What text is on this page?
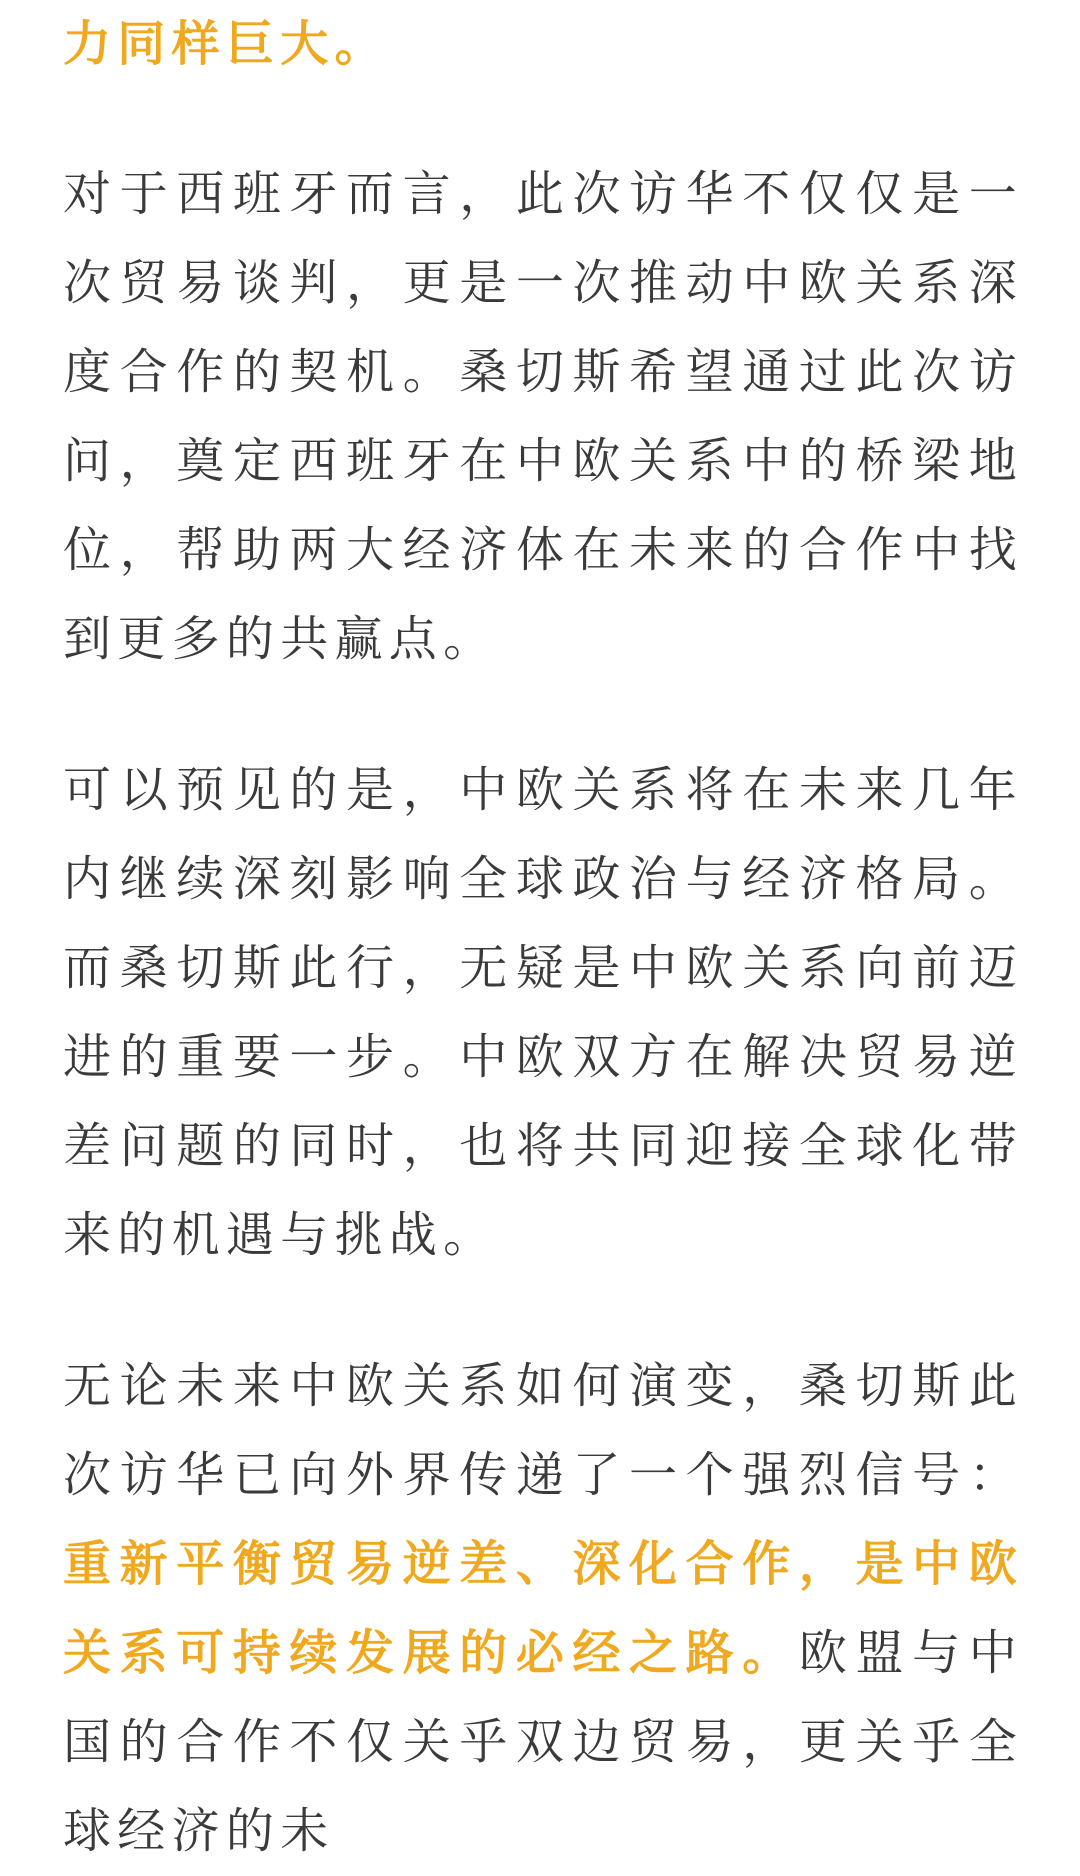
力同样巨大。

对于西班牙而言，此次访华不仅仅是一次贸易谈判，更是一次推动中欧关系深度合作的契机。桑切斯希望通过此次访问，奠定西班牙在中欧关系中的桥梁地位，帮助两大经济体在未来的合作中找到更多的共赢点。

可以预见的是，中欧关系将在未来几年内继续深刻影响全球政治与经济格局。而桑切斯此行，无疑是中欧关系向前迈进的重要一步。中欧双方在解决贸易逆差问题的同时，也将共同迎接全球化带来的机遇与挑战。

无论未来中欧关系如何演变，桑切斯此次访华已向外界传递了一个强烈信号：重新平衡贸易逆差、深化合作，是中欧关系可持续发展的必经之路。欧盟与中国的合作不仅关乎双边贸易，更关乎全球经济的未
